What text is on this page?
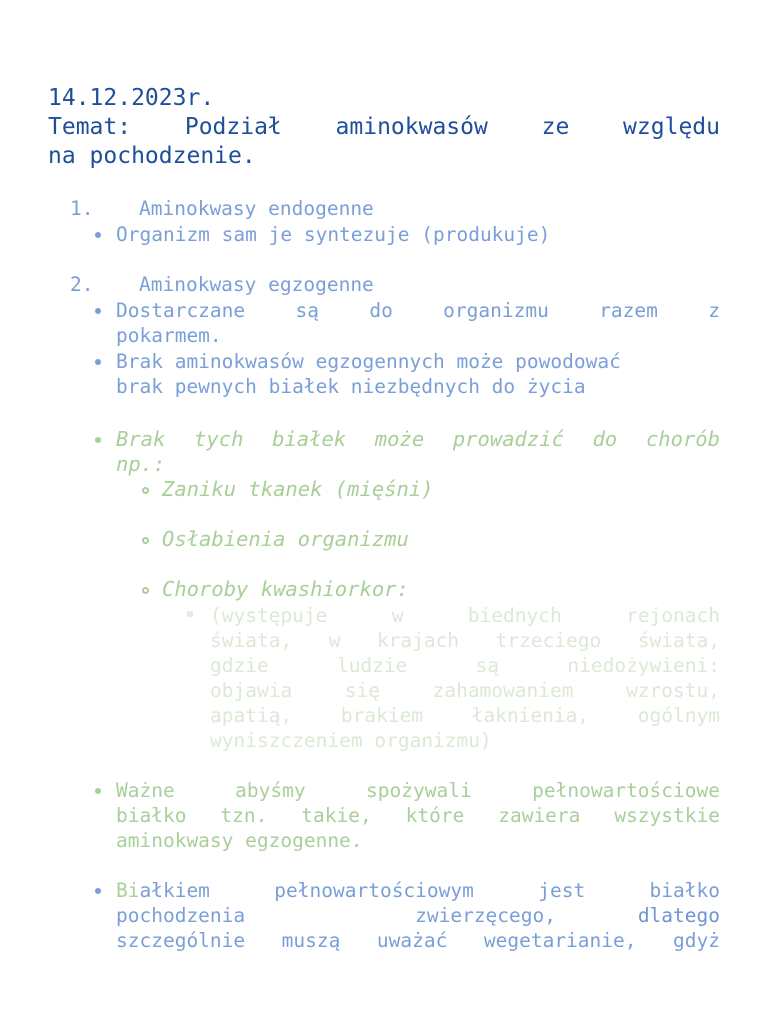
14.12.2023r.
Temat: Podział aminokwasów ze względu
na pochodzenie.
1. Aminokwasy endogenne
Organizm sam je syntezuje (produkuje)
2. Aminokwasy egzogenne
Dostarczane są do organizmu razem z
pokarmem.
Brak aminokwasów egzogennych może powodować
brak pewnych białek niezbędnych do życia
Brak tych białek może prowadzić do chorób
np.:
Zaniku tkanek (mięśni)
Osłabienia organizmu
Choroby kwashiorkor:
(występuje w biednych rejonach
świata, w krajach trzeciego świata,
gdzie ludzie są niedożywieni:
objawia się zahamowaniem wzrostu,
apatią, brakiem łaknienia, ogólnym
wyniszczeniem organizmu)
Ważne abyśmy spożywali pełnowartościowe
białko tzn. takie, które zawiera wszystkie
aminokwasy egzogenne.
Bi ałkiem pełnowartościowym jest białko
pochodzenia zwierzęcego,	dlatego
szczególnie muszą uważać wegetarianie, gdyż
